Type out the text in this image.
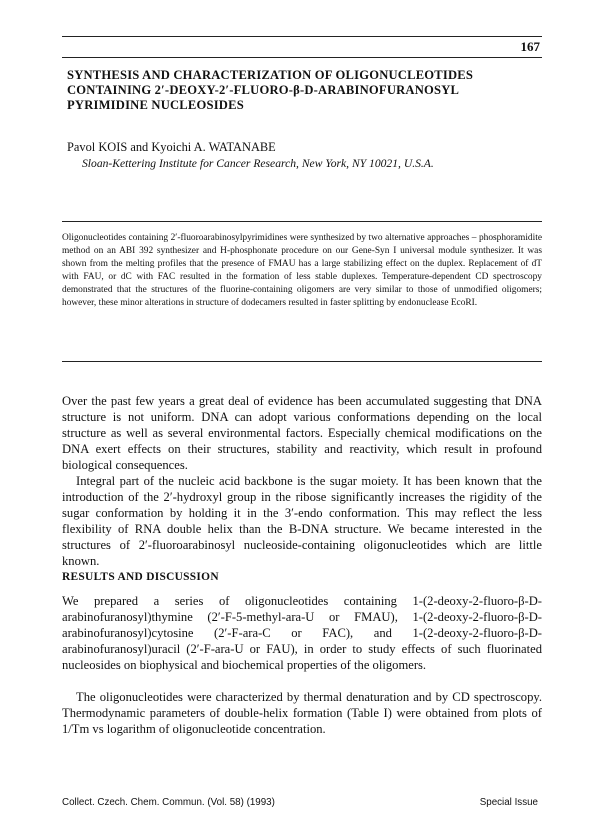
167
SYNTHESIS AND CHARACTERIZATION OF OLIGONUCLEOTIDES
CONTAINING 2′-DEOXY-2′-FLUORO-β-D-ARABINOFURANOSYL
PYRIMIDINE NUCLEOSIDES
Pavol KOIS and Kyoichi A. WATANABE
Sloan-Kettering Institute for Cancer Research, New York, NY 10021, U.S.A.
Oligonucleotides containing 2′-fluoroarabinosylpyrimidines were synthesized by two alternative approaches – phosphoramidite method on an ABI 392 synthesizer and H-phosphonate procedure on our Gene-Syn I universal module synthesizer. It was shown from the melting profiles that the presence of FMAU has a large stabilizing effect on the duplex. Replacement of dT with FAU, or dC with FAC resulted in the formation of less stable duplexes. Temperature-dependent CD spectroscopy demonstrated that the structures of the fluorine-containing oligomers are very similar to those of unmodified oligomers; however, these minor alterations in structure of dodecamers resulted in faster splitting by endonuclease EcoRI.

Over the past few years a great deal of evidence has been accumulated suggesting that DNA structure is not uniform. DNA can adopt various conformations depending on the local structure as well as several environmental factors. Especially chemical modifications on the DNA exert effects on their structures, stability and reactivity, which result in profound biological consequences.

Integral part of the nucleic acid backbone is the sugar moiety. It has been known that the introduction of the 2′-hydroxyl group in the ribose significantly increases the rigidity of the sugar conformation by holding it in the 3′-endo conformation. This may reflect the less flexibility of RNA double helix than the B-DNA structure. We became interested in the structures of 2′-fluoroarabinosyl nucleoside-containing oligonucleotides which are little known.

RESULTS AND DISCUSSION

We prepared a series of oligonucleotides containing 1-(2-deoxy-2-fluoro-β-D-arabinofuranosyl)thymine (2′-F-5-methyl-ara-U or FMAU), 1-(2-deoxy-2-fluoro-β-D-arabinofuranosyl)cytosine (2′-F-ara-C or FAC), and 1-(2-deoxy-2-fluoro-β-D-arabinofuranosyl)uracil (2′-F-ara-U or FAU), in order to study effects of such fluorinated nucleosides on biophysical and biochemical properties of the oligomers.

The oligonucleotides were characterized by thermal denaturation and by CD spectroscopy. Thermodynamic parameters of double-helix formation (Table I) were obtained from plots of 1/Tm vs logarithm of oligonucleotide concentration.

Collect. Czech. Chem. Commun. (Vol. 58) (1993)	Special Issue
